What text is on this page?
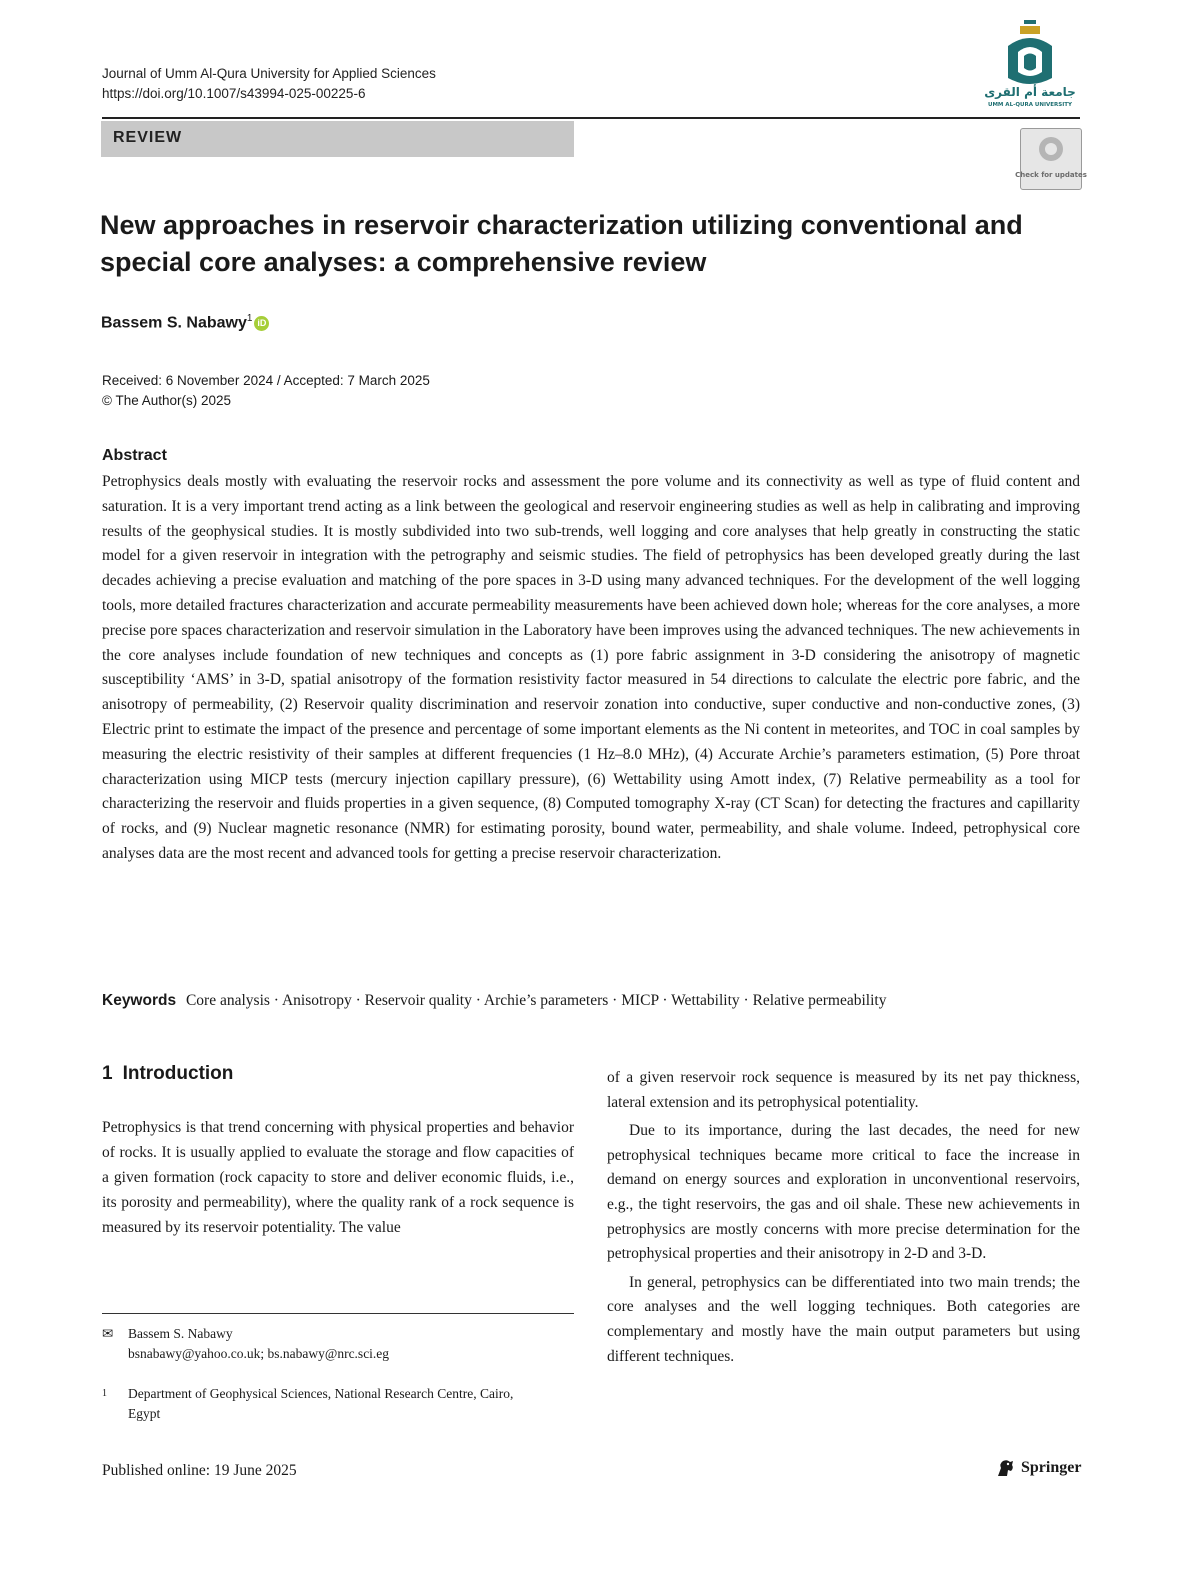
Journal of Umm Al-Qura University for Applied Sciences
https://doi.org/10.1007/s43994-025-00225-6	جامعة أم القرى
UMM AL-QURA UNIVERSITY
REVIEW
Check for updates
New approaches in reservoir characterization utilizing conventional and special core analyses: a comprehensive review
Bassem S. Nabawy$^1$ iD
Received: 6 November 2024 / Accepted: 7 March 2025
© The Author(s) 2025
Abstract

Petrophysics deals mostly with evaluating the reservoir rocks and assessment the pore volume and its connectivity as well as type of fluid content and saturation. It is a very important trend acting as a link between the geological and reservoir engineering studies as well as help in calibrating and improving results of the geophysical studies. It is mostly subdivided into two sub-trends, well logging and core analyses that help greatly in constructing the static model for a given reservoir in integration with the petrography and seismic studies. The field of petrophysics has been developed greatly during the last decades achieving a precise evaluation and matching of the pore spaces in 3-D using many advanced techniques. For the development of the well logging tools, more detailed fractures characterization and accurate permeability measurements have been achieved down hole; whereas for the core analyses, a more precise pore spaces characterization and reservoir simulation in the Laboratory have been improves using the advanced techniques. The new achievements in the core analyses include foundation of new techniques and concepts as (1) pore fabric assignment in 3-D considering the anisotropy of magnetic susceptibility ‘AMS’ in 3-D, spatial anisotropy of the formation resistivity factor measured in 54 directions to calculate the electric pore fabric, and the anisotropy of permeability, (2) Reservoir quality discrimination and reservoir zonation into conductive, super conductive and non-conductive zones, (3) Electric print to estimate the impact of the presence and percentage of some important elements as the Ni content in meteorites, and TOC in coal samples by measuring the electric resistivity of their samples at different frequencies (1 Hz–8.0 MHz), (4) Accurate Archie’s parameters estimation, (5) Pore throat characterization using MICP tests (mercury injection capillary pressure), (6) Wettability using Amott index, (7) Relative permeability as a tool for characterizing the reservoir and fluids properties in a given sequence, (8) Computed tomography X-ray (CT Scan) for detecting the fractures and capillarity of rocks, and (9) Nuclear magnetic resonance (NMR) for estimating porosity, bound water, permeability, and shale volume. Indeed, petrophysical core analyses data are the most recent and advanced tools for getting a precise reservoir characterization.

Keywords Core analysis · Anisotropy · Reservoir quality · Archie’s parameters · MICP · Wettability · Relative permeability
1 Introduction

Petrophysics is that trend concerning with physical properties and behavior of rocks. It is usually applied to evaluate the storage and flow capacities of a given formation (rock capacity to store and deliver economic fluids, i.e., its porosity and permeability), where the quality rank of a rock sequence is measured by its reservoir potentiality. The value

of a given reservoir rock sequence is measured by its net pay thickness, lateral extension and its petrophysical potentiality.

Due to its importance, during the last decades, the need for new petrophysical techniques became more critical to face the increase in demand on energy sources and exploration in unconventional reservoirs, e.g., the tight reservoirs, the gas and oil shale. These new achievements in petrophysics are mostly concerns with more precise determination for the petrophysical properties and their anisotropy in 2-D and 3-D.

In general, petrophysics can be differentiated into two main trends; the core analyses and the well logging techniques. Both categories are complementary and mostly have the main output parameters but using different techniques.

✉ Bassem S. Nabawy
bsnabawy@yahoo.co.uk; bs.nabawy@nrc.sci.eg
1 Department of Geophysical Sciences, National Research Centre, Cairo, Egypt
Published online: 19 June 2025	Springer
